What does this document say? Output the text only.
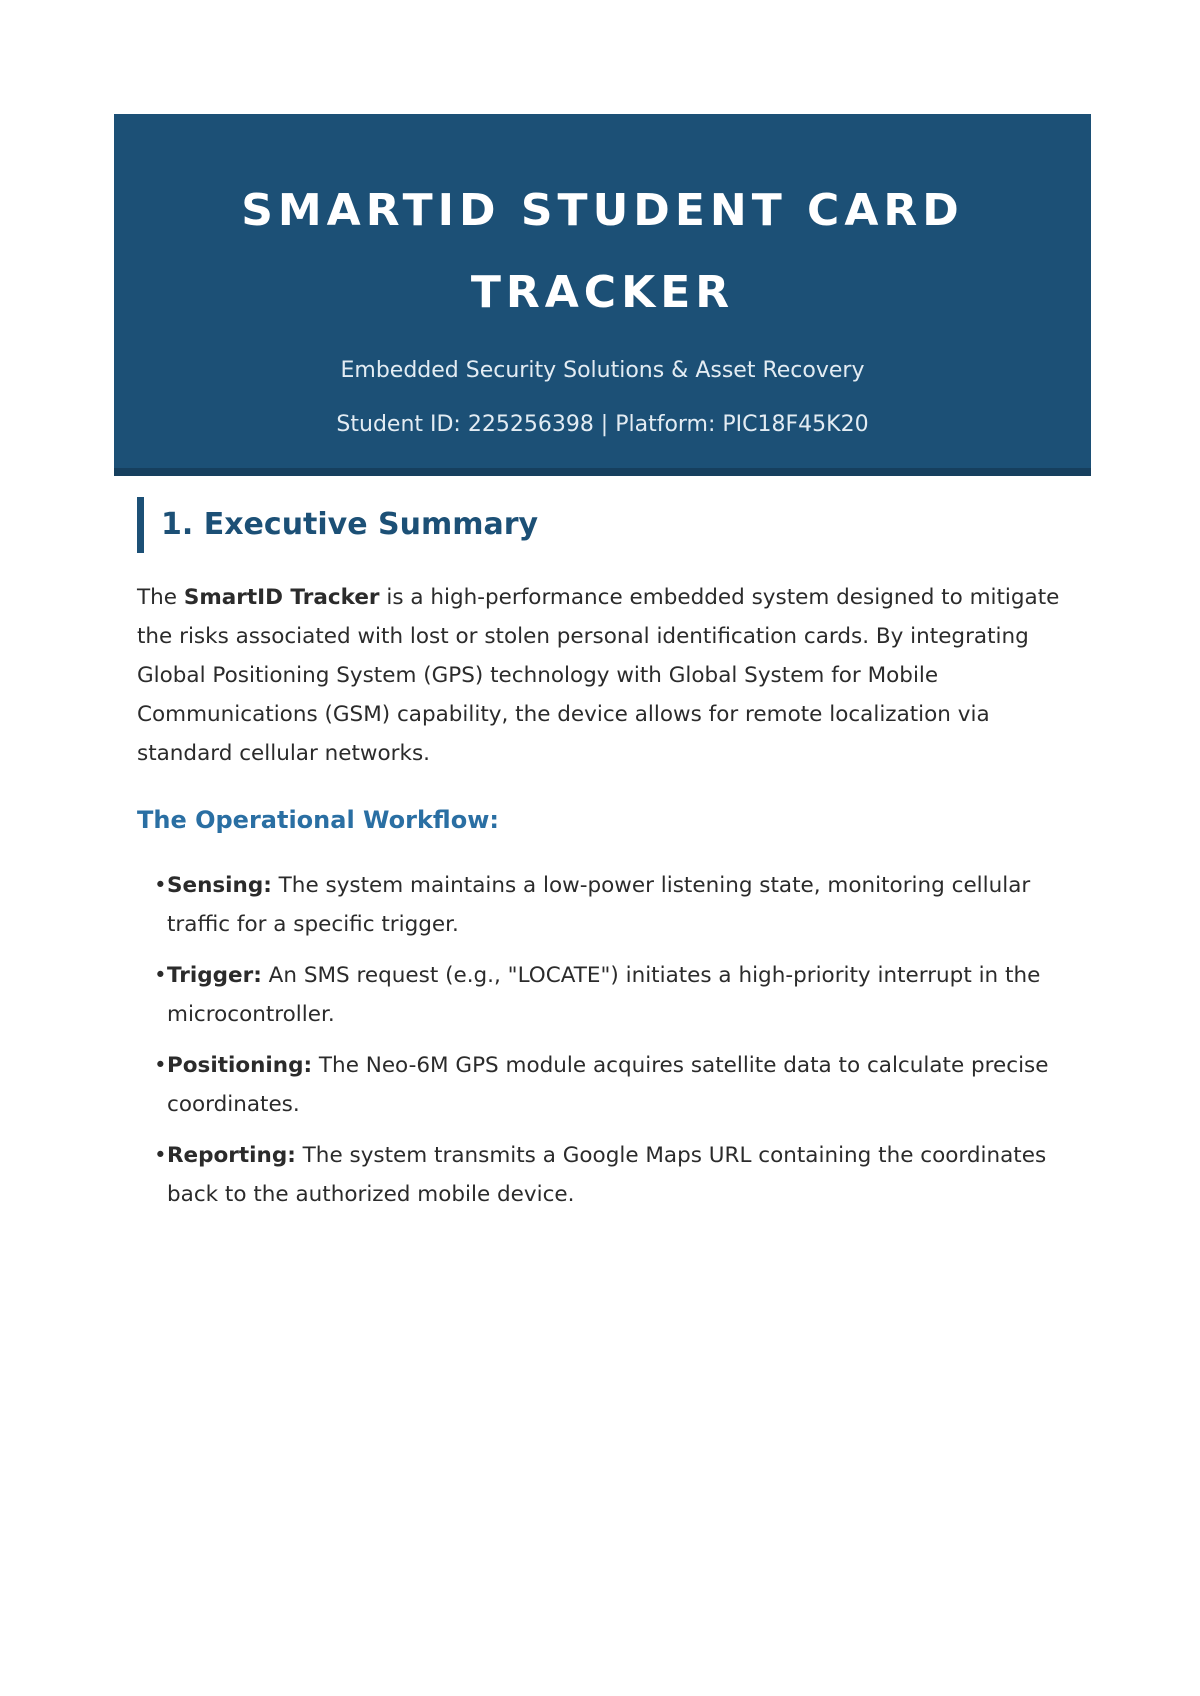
SMARTID STUDENT CARD
TRACKER
Embedded Security Solutions & Asset Recovery
Student ID: 225256398 | Platform: PIC18F45K20
1. Executive Summary

The SmartID Tracker is a high-performance embedded system designed to mitigate the risks associated with lost or stolen personal identification cards. By integrating Global Positioning System (GPS) technology with Global System for Mobile Communications (GSM) capability, the device allows for remote localization via standard cellular networks.

The Operational Workflow:
• Sensing: The system maintains a low-power listening state, monitoring cellular traffic for a specific trigger.
• Trigger: An SMS request (e.g., "LOCATE") initiates a high-priority interrupt in the microcontroller.
• Positioning: The Neo-6M GPS module acquires satellite data to calculate precise coordinates.
• Reporting: The system transmits a Google Maps URL containing the coordinates back to the authorized mobile device.
